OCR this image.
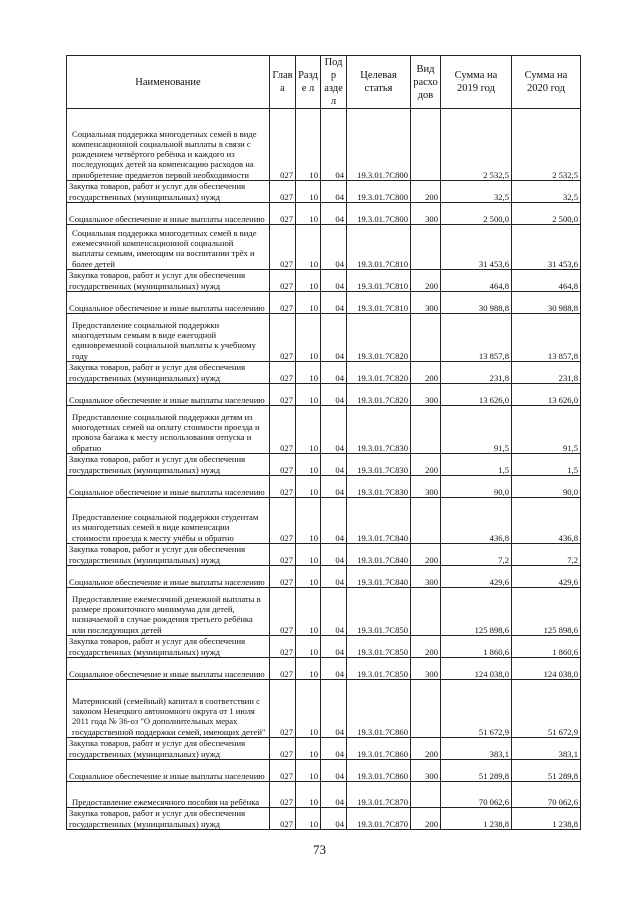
Наименование	Глав а	Разде л	Подр аздел	Целевая статья	Вид расхо дов	Сумма на 2019 год	Сумма на 2020 год
Социальная поддержка многодетных семей в виде компенсационной социальной выплаты в связи с рождением четвёртого ребёнка и каждого из последующих детей на компенсацию расходов на приобретение предметов первой необходимости	027	10	04	19.3.01.7С800		2 532,5	2 532,5
Закупка товаров, работ и услуг для обеспечения государственных (муниципальных) нужд	027	10	04	19.3.01.7С800	200	32,5	32,5
Социальное обеспечение и иные выплаты населению	027	10	04	19.3.01.7С800	300	2 500,0	2 500,0
Социальная поддержка многодетных семей в виде ежемесячной компенсационной социальной выплаты семьям, имеющим на воспитании трёх и более детей	027	10	04	19.3.01.7С810		31 453,6	31 453,6
Закупка товаров, работ и услуг для обеспечения государственных (муниципальных) нужд	027	10	04	19.3.01.7С810	200	464,8	464,8
Социальное обеспечение и иные выплаты населению	027	10	04	19.3.01.7С810	300	30 988,8	30 988,8
Предоставление социальной поддержки многодетным семьям в виде ежегодной единовременной социальной выплаты к учебному году	027	10	04	19.3.01.7С820		13 857,8	13 857,8
Закупка товаров, работ и услуг для обеспечения государственных (муниципальных) нужд	027	10	04	19.3.01.7С820	200	231,8	231,8
Социальное обеспечение и иные выплаты населению	027	10	04	19.3.01.7С820	300	13 626,0	13 626,0
Предоставление социальной поддержки детям из многодетных семей на оплату стоимости проезда и провоза багажа к месту использования отпуска и обратно	027	10	04	19.3.01.7С830		91,5	91,5
Закупка товаров, работ и услуг для обеспечения государственных (муниципальных) нужд	027	10	04	19.3.01.7С830	200	1,5	1,5
Социальное обеспечение и иные выплаты населению	027	10	04	19.3.01.7С830	300	90,0	90,0
Предоставление социальной поддержки студентам из многодетных семей в виде компенсации стоимости проезда к месту учёбы и обратно	027	10	04	19.3.01.7С840		436,8	436,8
Закупка товаров, работ и услуг для обеспечения государственных (муниципальных) нужд	027	10	04	19.3.01.7С840	200	7,2	7,2
Социальное обеспечение и иные выплаты населению	027	10	04	19.3.01.7С840	300	429,6	429,6
Предоставление ежемесячной денежной выплаты в размере прожиточного минимума для детей, назначаемой в случае рождения третьего ребёнка или последующих детей	027	10	04	19.3.01.7С850		125 898,6	125 898,6
Закупка товаров, работ и услуг для обеспечения государственных (муниципальных) нужд	027	10	04	19.3.01.7С850	200	1 860,6	1 860,6
Социальное обеспечение и иные выплаты населению	027	10	04	19.3.01.7С850	300	124 038,0	124 038,0
Материнский (семейный) капитал в соответствии с законом Ненецкого автономного округа от 1 июля 2011 года № 36-оз "О дополнительных мерах государственной поддержки семей, имеющих детей"	027	10	04	19.3.01.7С860		51 672,9	51 672,9
Закупка товаров, работ и услуг для обеспечения государственных (муниципальных) нужд	027	10	04	19.3.01.7С860	200	383,1	383,1
Социальное обеспечение и иные выплаты населению	027	10	04	19.3.01.7С860	300	51 289,8	51 289,8
Предоставление ежемесячного пособия на ребёнка	027	10	04	19.3.01.7С870		70 062,6	70 062,6
Закупка товаров, работ и услуг для обеспечения государственных (муниципальных) нужд	027	10	04	19.3.01.7С870	200	1 238,8	1 238,8
73
